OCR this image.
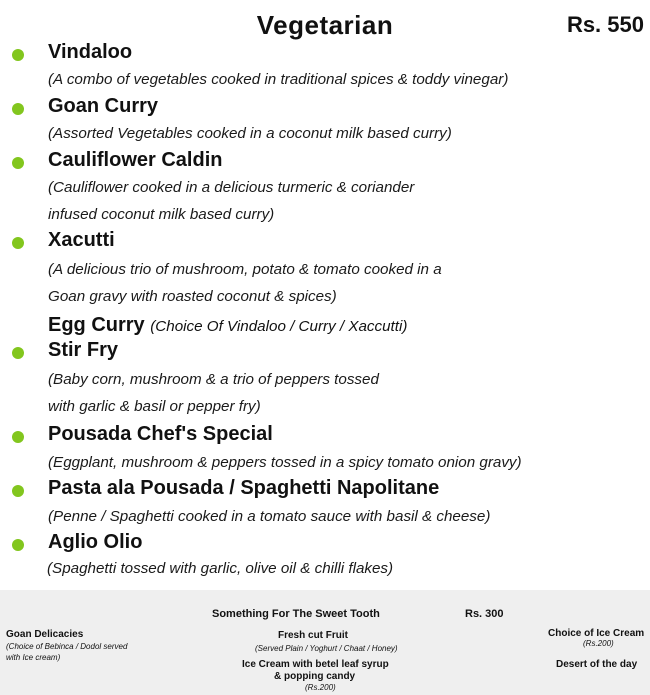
Vegetarian	Rs. 550
Vindaloo
(A combo of vegetables cooked in traditional spices & toddy vinegar)
Goan Curry
(Assorted Vegetables cooked in a coconut milk based curry)
Cauliflower Caldin
(Cauliflower cooked in a delicious turmeric & coriander
infused coconut milk based curry)
Xacutti
(A delicious trio of mushroom, potato & tomato cooked in a
Goan gravy with roasted coconut & spices)
Egg Curry (Choice Of Vindaloo / Curry / Xaccutti)
Stir Fry
(Baby corn, mushroom & a trio of peppers tossed
with garlic & basil or pepper fry)
Pousada Chef's Special
(Eggplant, mushroom & peppers tossed in a spicy tomato onion gravy)
Pasta ala Pousada / Spaghetti Napolitane
(Penne / Spaghetti cooked in a tomato sauce with basil & cheese)
Aglio Olio
(Spaghetti tossed with garlic, olive oil & chilli flakes)
Something For The Sweet Tooth	Rs. 300
Goan Delicacies
(Choice of Bebinca / Dodol served
with Ice cream)
Fresh cut Fruit
(Served Plain / Yoghurt / Chaat / Honey)
Ice Cream with betel leaf syrup
& popping candy
(Rs.200)
Choice of Ice Cream
(Rs.200)
Desert of the day
